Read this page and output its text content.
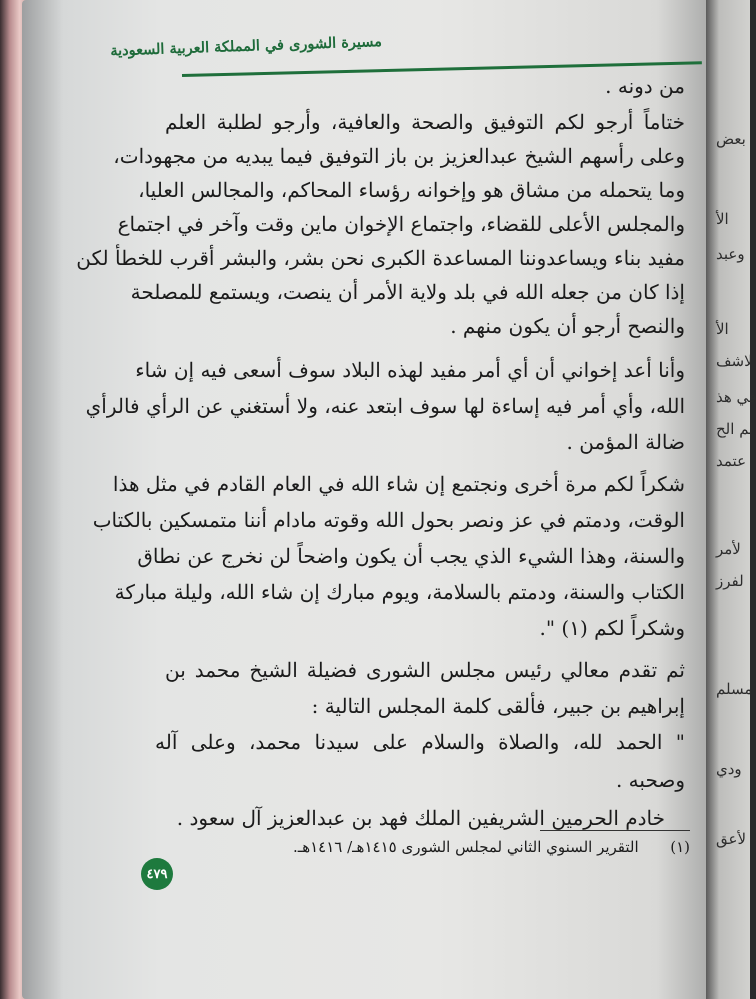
مسيرة الشورى في المملكة العربية السعودية
من دونه .
ختاماً أرجو لكم التوفيق والصحة والعافية، وأرجو لطلبة العلم
وعلى رأسهم الشيخ عبدالعزيز بن باز التوفيق فيما يبديه من مجهودات،
وما يتحمله من مشاق هو وإخوانه رؤساء المحاكم، والمجالس العليا،
والمجلس الأعلى للقضاء، واجتماع الإخوان ماين وقت وآخر في اجتماع
مفيد بناء ويساعدوننا المساعدة الكبرى نحن بشر، والبشر أقرب للخطأ لكن
إذا كان من جعله الله في بلد ولاية الأمر أن ينصت، ويستمع للمصلحة
والنصح أرجو أن يكون منهم .
وأنا أعد إخواني أن أي أمر مفيد لهذه البلاد سوف أسعى فيه إن شاء
الله، وأي أمر فيه إساءة لها سوف ابتعد عنه، ولا أستغني عن الرأي فالرأي
ضالة المؤمن .
شكراً لكم مرة أخرى ونجتمع إن شاء الله في العام القادم في مثل هذا
الوقت، ودمتم في عز ونصر بحول الله وقوته مادام أننا متمسكين بالكتاب
والسنة، وهذا الشيء الذي يجب أن يكون واضحاً لن نخرج عن نطاق
الكتاب والسنة، ودمتم بالسلامة، ويوم مبارك إن شاء الله، وليلة مباركة
وشكراً لكم (١) ".
ثم تقدم معالي رئيس مجلس الشورى فضيلة الشيخ محمد بن
إبراهيم بن جبير، فألقى كلمة المجلس التالية :
" الحمد لله، والصلاة والسلام على سيدنا محمد، وعلى آله
وصحبه .
خادم الحرمين الشريفين الملك فهد بن عبدالعزيز آل سعود .
(١)  التقرير السنوي الثاني لمجلس الشورى ١٤١٥هـ/ ١٤١٦هـ.
٤٧٩
بعض
الأ
وعبد
الأ
لاشف
في هذ
لم الح
عتمد
لأمر
لفرز
مسلم
ودي
لأعق
